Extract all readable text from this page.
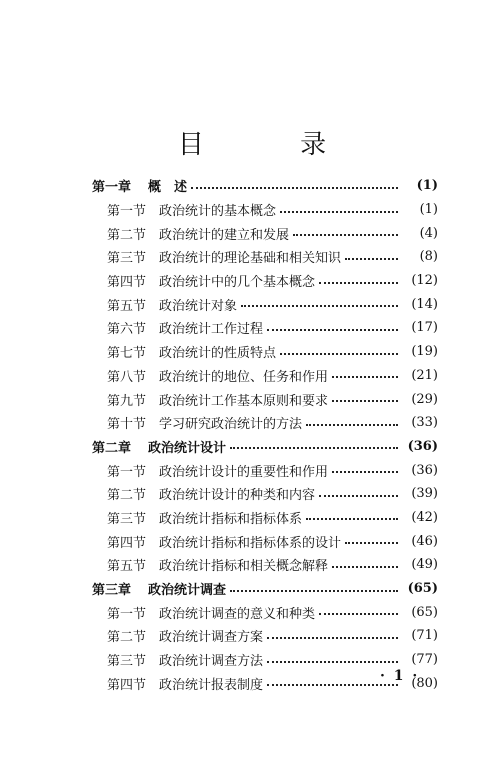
目 录
第一章	概　述	(1)
第一节 政治统计的基本概念	(1)
第二节 政治统计的建立和发展	(4)
第三节 政治统计的理论基础和相关知识	(8)
第四节 政治统计中的几个基本概念	(12)
第五节 政治统计对象	(14)
第六节 政治统计工作过程	(17)
第七节 政治统计的性质特点	(19)
第八节 政治统计的地位、任务和作用	(21)
第九节 政治统计工作基本原则和要求	(29)
第十节 学习研究政治统计的方法	(33)
第二章	政治统计设计	(36)
第一节 政治统计设计的重要性和作用	(36)
第二节 政治统计设计的种类和内容	(39)
第三节 政治统计指标和指标体系	(42)
第四节 政治统计指标和指标体系的设计	(46)
第五节 政治统计指标和相关概念解释	(49)
第三章	政治统计调查	(65)
第一节 政治统计调查的意义和种类	(65)
第二节 政治统计调查方案	(71)
第三节 政治统计调查方法	(77)
第四节 政治统计报表制度	(80)
· 1 ·
